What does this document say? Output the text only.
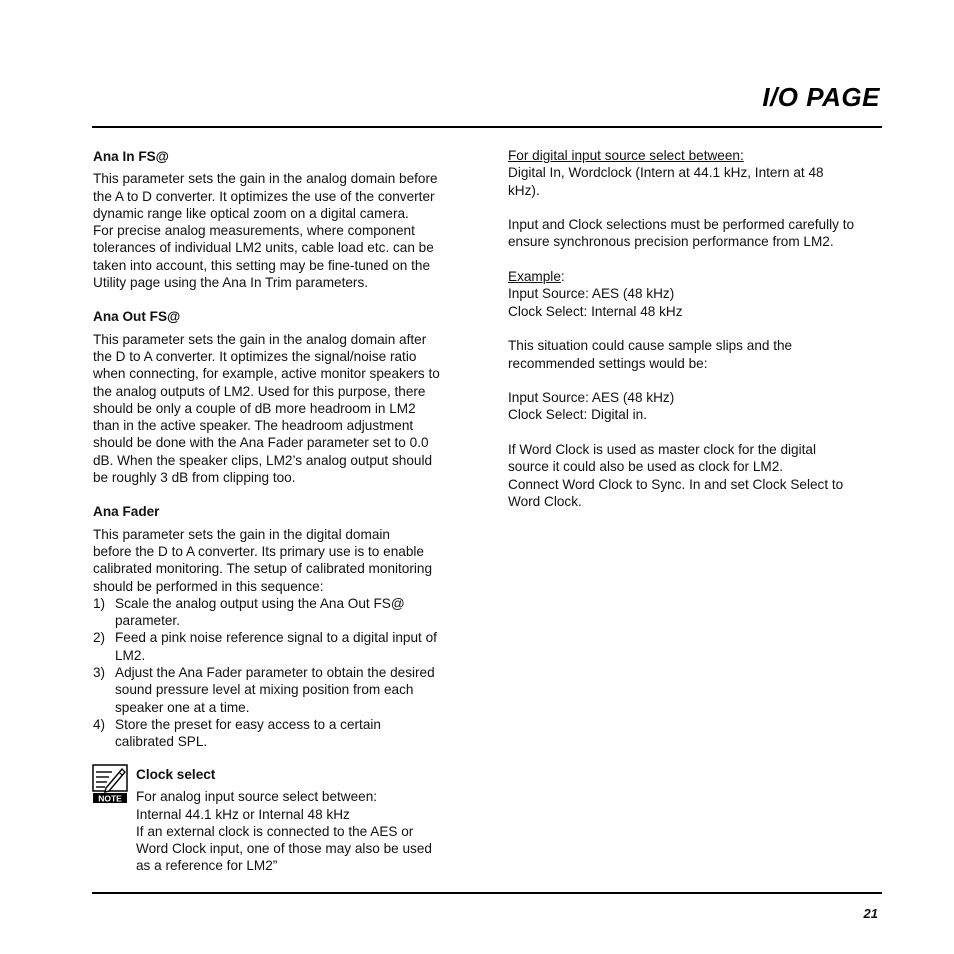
I/O PAGE

Ana In FS@

This parameter sets the gain in the analog domain before

the A to D converter. It optimizes the use of the converter

dynamic range like optical zoom on a digital camera.

For precise analog measurements, where component

tolerances of individual LM2 units, cable load etc. can be

taken into account, this setting may be fine-tuned on the

Utility page using the Ana In Trim parameters.

Ana Out FS@

This parameter sets the gain in the analog domain after

the D to A converter. It optimizes the signal/noise ratio

when connecting, for example, active monitor speakers to

the analog outputs of LM2. Used for this purpose, there

should be only a couple of dB more headroom in LM2

than in the active speaker. The headroom adjustment

should be done with the Ana Fader parameter set to 0.0

dB. When the speaker clips, LM2’s analog output should

be roughly 3 dB from clipping too.

Ana Fader

This parameter sets the gain in the digital domain

before the D to A converter. Its primary use is to enable

calibrated monitoring. The setup of calibrated monitoring

should be performed in this sequence:

1) Scale the analog output using the Ana Out FS@
parameter.
2) Feed a pink noise reference signal to a digital input of
LM2.
3) Adjust the Ana Fader parameter to obtain the desired
sound pressure level at mixing position from each
speaker one at a time.
4) Store the preset for easy access to a certain
calibrated SPL.
NOTE

Clock select

For analog input source select between:

Internal 44.1 kHz or Internal 48 kHz

If an external clock is connected to the AES or

Word Clock input, one of those may also be used

as a reference for LM2”

For digital input source select between:

Digital In, Wordclock (Intern at 44.1 kHz, Intern at 48

kHz).

Input and Clock selections must be performed carefully to

ensure synchronous precision performance from LM2.

Example:

Input Source: AES (48 kHz)

Clock Select: Internal 48 kHz

This situation could cause sample slips and the

recommended settings would be:

Input Source: AES (48 kHz)

Clock Select: Digital in.

If Word Clock is used as master clock for the digital

source it could also be used as clock for LM2.

Connect Word Clock to Sync. In and set Clock Select to

Word Clock.

21
